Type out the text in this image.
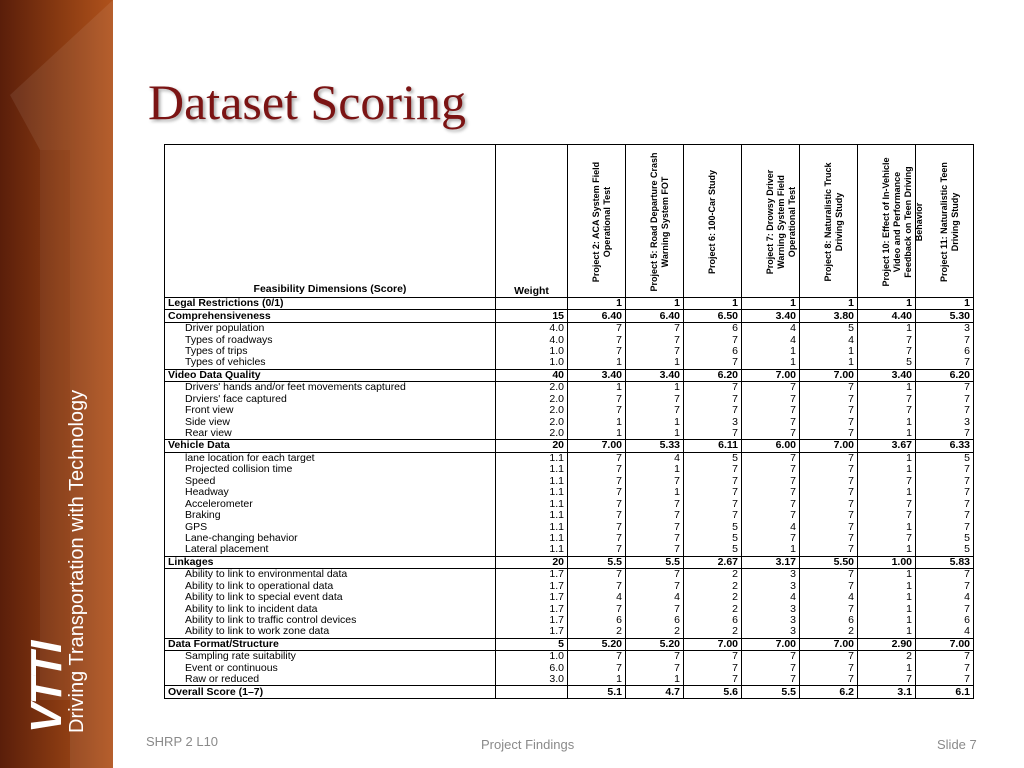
VTTI
Driving Transportation with Technology
Dataset Scoring
Feasibility Dimensions (Score)	Weight	Project 2: ACA System Field Operational Test	Project 5: Road Departure Crash Warning System FOT	Project 6: 100-Car Study	Project 7: Drowsy Driver Warning System Field Operational Test	Project 8: Naturalistic Truck Driving Study	Project 10: Effect of In-Vehicle Video and Performance Feedback on Teen Driving Behavior	Project 11: Naturalistic Teen Driving Study

Legal Restrictions (0/1)		1	1	1	1	1	1	1
Comprehensiveness	15	6.40	6.40	6.50	3.40	3.80	4.40	5.30
Driver population	4.0	7	7	6	4	5	1	3
Types of roadways	4.0	7	7	7	4	4	7	7
Types of trips	1.0	7	7	6	1	1	7	6
Types of vehicles	1.0	1	1	7	1	1	5	7
Video Data Quality	40	3.40	3.40	6.20	7.00	7.00	3.40	6.20
Drivers' hands and/or feet movements captured	2.0	1	1	7	7	7	1	7
Drviers' face captured	2.0	7	7	7	7	7	7	7
Front view	2.0	7	7	7	7	7	7	7
Side view	2.0	1	1	3	7	7	1	3
Rear view	2.0	1	1	7	7	7	1	7
Vehicle Data	20	7.00	5.33	6.11	6.00	7.00	3.67	6.33
lane location for each target	1.1	7	4	5	7	7	1	5
Projected collision time	1.1	7	1	7	7	7	1	7
Speed	1.1	7	7	7	7	7	7	7
Headway	1.1	7	1	7	7	7	1	7
Accelerometer	1.1	7	7	7	7	7	7	7
Braking	1.1	7	7	7	7	7	7	7
GPS	1.1	7	7	5	4	7	1	7
Lane-changing behavior	1.1	7	7	5	7	7	7	5
Lateral placement	1.1	7	7	5	1	7	1	5
Linkages	20	5.5	5.5	2.67	3.17	5.50	1.00	5.83
Ability to link to environmental data	1.7	7	7	2	3	7	1	7
Ability to link to operational data	1.7	7	7	2	3	7	1	7
Ability to link to special event data	1.7	4	4	2	4	4	1	4
Ability to link to incident data	1.7	7	7	2	3	7	1	7
Ability to link to traffic control devices	1.7	6	6	6	3	6	1	6
Ability to link to work zone data	1.7	2	2	2	3	2	1	4
Data Format/Structure	5	5.20	5.20	7.00	7.00	7.00	2.90	7.00
Sampling rate suitability	1.0	7	7	7	7	7	2	7
Event or continuous	6.0	7	7	7	7	7	1	7
Raw or reduced	3.0	1	1	7	7	7	7	7
Overall Score (1–7)		5.1	4.7	5.6	5.5	6.2	3.1	6.1
SHRP 2 L10	Project Findings	Slide 7
